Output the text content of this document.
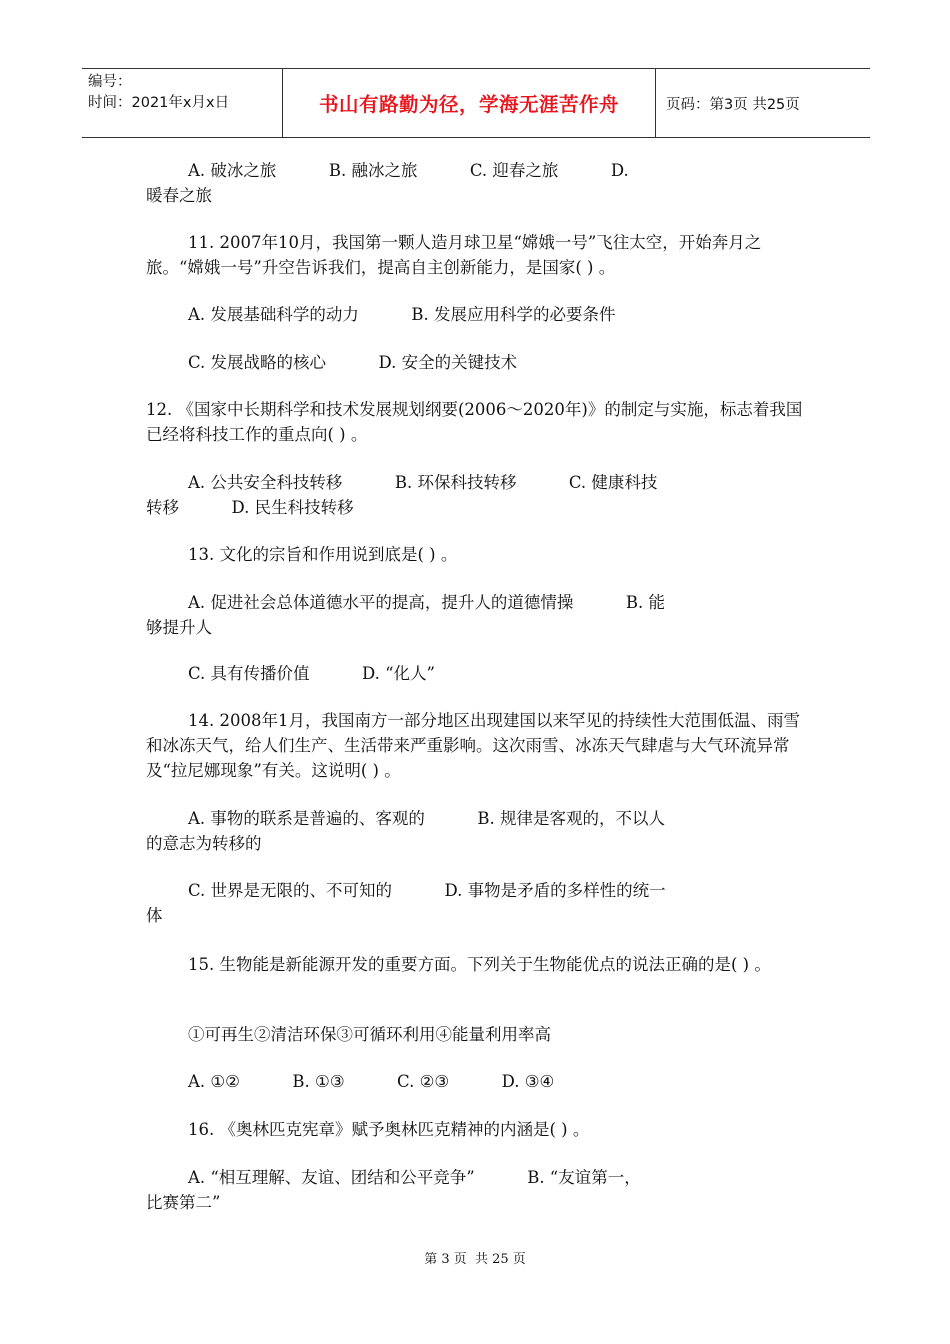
编号：
时间：2021年x月x日	书山有路勤为径，学海无涯苦作舟	页码：第3页 共25页
A. 破冰之旅          B. 融冰之旅          C. 迎春之旅          D.
暖春之旅
11. 2007年10月，我国第一颗人造月球卫星“嫦娥一号”飞往太空，开始奔月之旅。“嫦娥一号”升空告诉我们，提高自主创新能力，是国家( ) 。
A. 发展基础科学的动力          B. 发展应用科学的必要条件
C. 发展战略的核心          D. 安全的关键技术
12. 《国家中长期科学和技术发展规划纲要(2006～2020年)》的制定与实施，标志着我国已经将科技工作的重点向( ) 。
A. 公共安全科技转移          B. 环保科技转移          C. 健康科技
转移          D. 民生科技转移
13. 文化的宗旨和作用说到底是( ) 。
A. 促进社会总体道德水平的提高，提升人的道德情操          B. 能
够提升人
C. 具有传播价值          D. “化人”
14. 2008年1月，我国南方一部分地区出现建国以来罕见的持续性大范围低温、雨雪和冰冻天气，给人们生产、生活带来严重影响。这次雨雪、冰冻天气肆虐与大气环流异常及“拉尼娜现象”有关。这说明( ) 。
A. 事物的联系是普遍的、客观的          B. 规律是客观的，不以人
的意志为转移的
C. 世界是无限的、不可知的          D. 事物是矛盾的多样性的统一
体
15. 生物能是新能源开发的重要方面。下列关于生物能优点的说法正确的是( ) 。
①可再生②清洁环保③可循环利用④能量利用率高
A. ①②          B. ①③          C. ②③          D. ③④
16. 《奥林匹克宪章》赋予奥林匹克精神的内涵是( ) 。
A. “相互理解、友谊、团结和公平竞争”          B. “友谊第一，
比赛第二”
第 3 页  共 25 页
